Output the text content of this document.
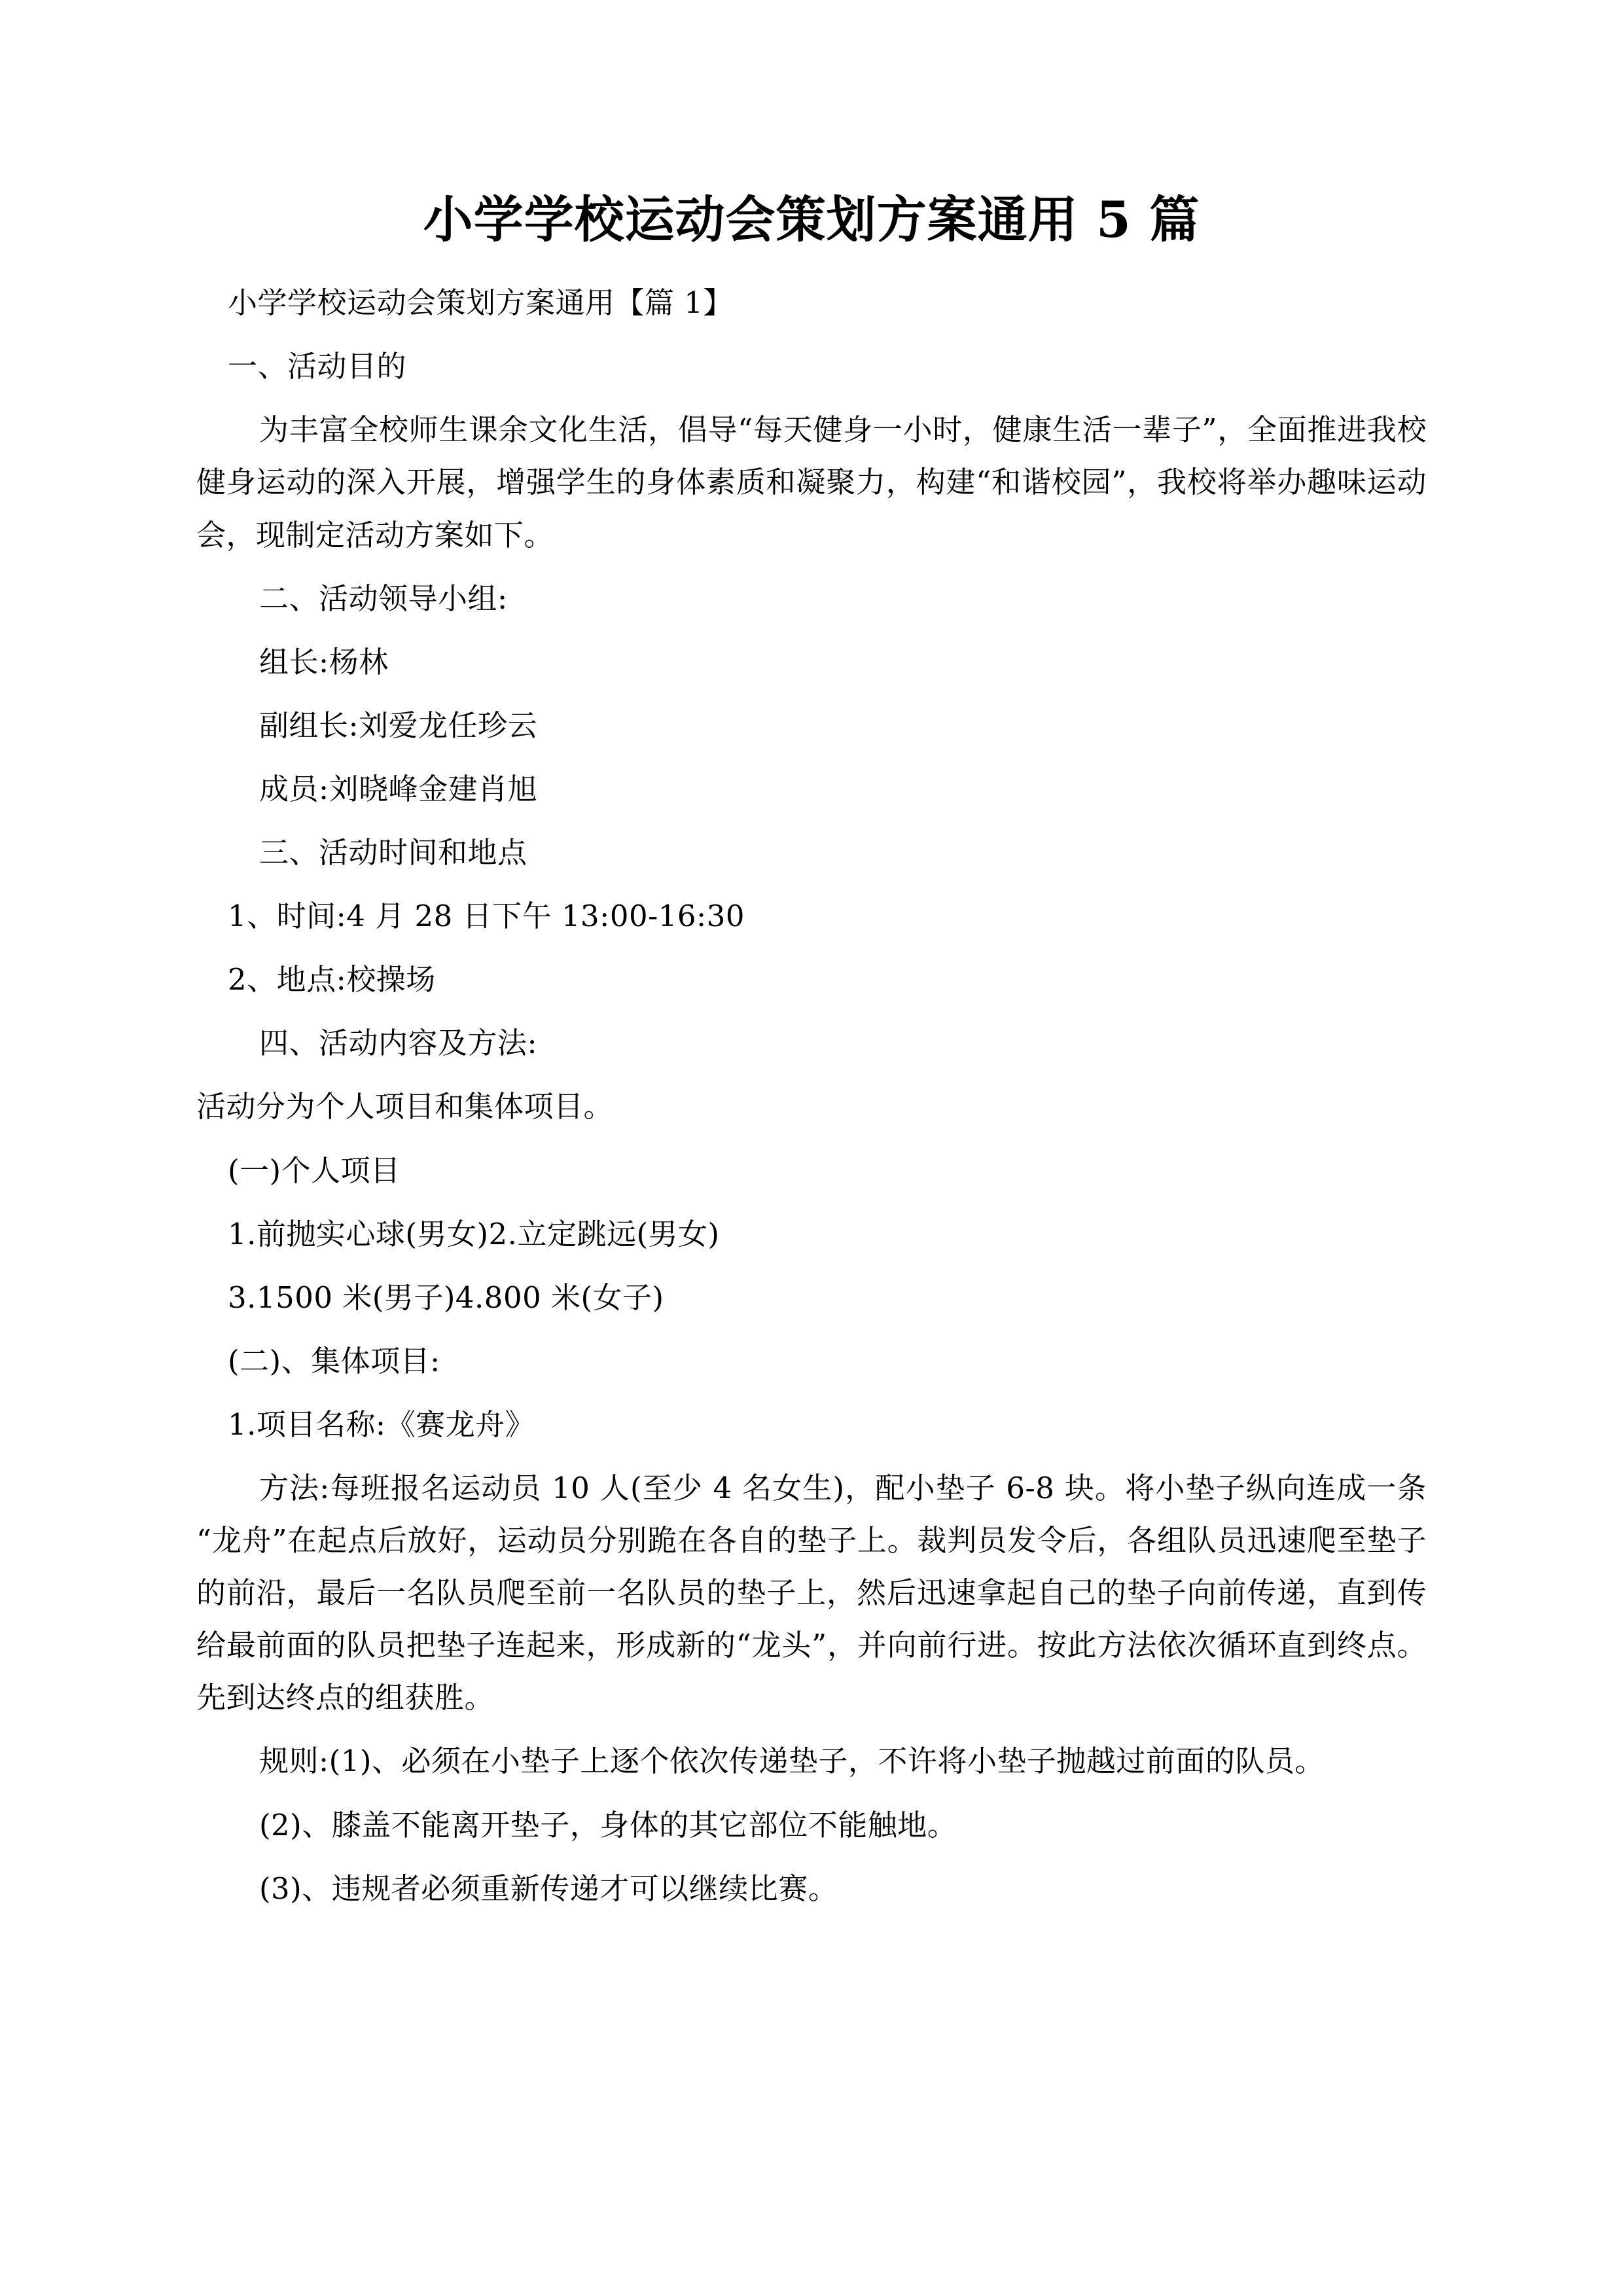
小学学校运动会策划方案通用 5 篇

小学学校运动会策划方案通用【篇 1】

一、活动目的

为丰富全校师生课余文化生活，倡导“每天健身一小时，健康生活一辈子”，全面推进我校健身运动的深入开展，增强学生的身体素质和凝聚力，构建“和谐校园”，我校将举办趣味运动会，现制定活动方案如下。

二、活动领导小组:

组长:杨林

副组长:刘爱龙任珍云

成员:刘晓峰金建肖旭

三、活动时间和地点

1、时间:4 月 28 日下午 13:00-16:30

2、地点:校操场

四、活动内容及方法:

活动分为个人项目和集体项目。

(一)个人项目

1.前抛实心球(男女)2.立定跳远(男女)

3.1500 米(男子)4.800 米(女子)

(二)、集体项目:

1.项目名称:《赛龙舟》

方法:每班报名运动员 10 人(至少 4 名女生)，配小垫子 6-8 块。将小垫子纵向连成一条“龙舟”在起点后放好，运动员分别跪在各自的垫子上。裁判员发令后，各组队员迅速爬至垫子的前沿，最后一名队员爬至前一名队员的垫子上，然后迅速拿起自己的垫子向前传递，直到传给最前面的队员把垫子连起来，形成新的“龙头”，并向前行进。按此方法依次循环直到终点。先到达终点的组获胜。

规则:(1)、必须在小垫子上逐个依次传递垫子，不许将小垫子抛越过前面的队员。

(2)、膝盖不能离开垫子，身体的其它部位不能触地。

(3)、违规者必须重新传递才可以继续比赛。
